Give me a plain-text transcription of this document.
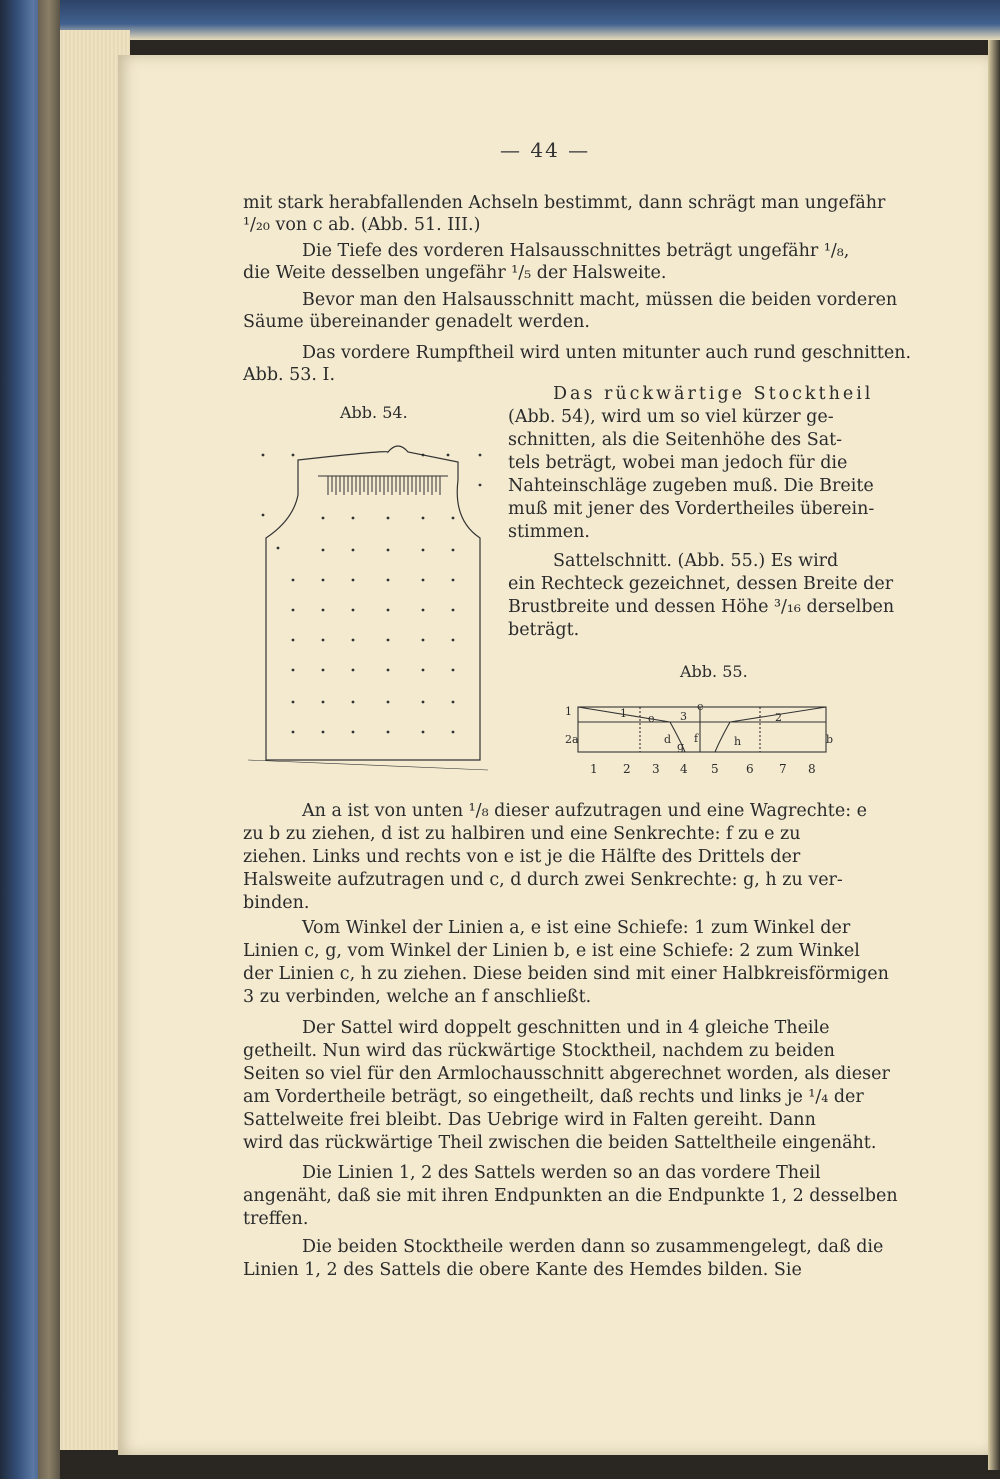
— 44 —
mit stark herabfallenden Achseln bestimmt, dann schrägt man ungefähr
¹/₂₀ von c ab. (Abb. 51. III.)
Die Tiefe des vorderen Halsausschnittes beträgt ungefähr ¹/₈,
die Weite desselben ungefähr ¹/₅ der Halsweite.
Bevor man den Halsausschnitt macht, müssen die beiden vorderen
Säume übereinander genadelt werden.
Das vordere Rumpftheil wird unten mitunter auch rund geschnitten.
Abb. 53. I.
Abb. 54.
Das rückwärtige Stocktheil
(Abb. 54), wird um so viel kürzer ge-
schnitten, als die Seitenhöhe des Sat-
tels beträgt, wobei man jedoch für die
Nahteinschläge zugeben muß. Die Breite
muß mit jener des Vordertheiles überein-
stimmen.
Sattelschnitt. (Abb. 55.) Es wird
ein Rechteck gezeichnet, dessen Breite der
Brustbreite und dessen Höhe ³/₁₆ derselben
beträgt.
Abb. 55.
1	1 e 3
e
2
2a	d
g
f	h	b
1 2 3 4 5 6 7 8
An a ist von unten ¹/₈ dieser aufzutragen und eine Wagrechte: e
zu b zu ziehen, d ist zu halbiren und eine Senkrechte: f zu e zu
ziehen. Links und rechts von e ist je die Hälfte des Drittels der
Halsweite aufzutragen und c, d durch zwei Senkrechte: g, h zu ver-
binden.
Vom Winkel der Linien a, e ist eine Schiefe: 1 zum Winkel der
Linien c, g, vom Winkel der Linien b, e ist eine Schiefe: 2 zum Winkel
der Linien c, h zu ziehen. Diese beiden sind mit einer Halbkreisförmigen
3 zu verbinden, welche an f anschließt.
Der Sattel wird doppelt geschnitten und in 4 gleiche Theile
getheilt. Nun wird das rückwärtige Stocktheil, nachdem zu beiden
Seiten so viel für den Armlochausschnitt abgerechnet worden, als dieser
am Vordertheile beträgt, so eingetheilt, daß rechts und links je ¹/₄ der
Sattelweite frei bleibt. Das Uebrige wird in Falten gereiht. Dann
wird das rückwärtige Theil zwischen die beiden Satteltheile eingenäht.
Die Linien 1, 2 des Sattels werden so an das vordere Theil
angenäht, daß sie mit ihren Endpunkten an die Endpunkte 1, 2 desselben
treffen.
Die beiden Stocktheile werden dann so zusammengelegt, daß die
Linien 1, 2 des Sattels die obere Kante des Hemdes bilden. Sie
